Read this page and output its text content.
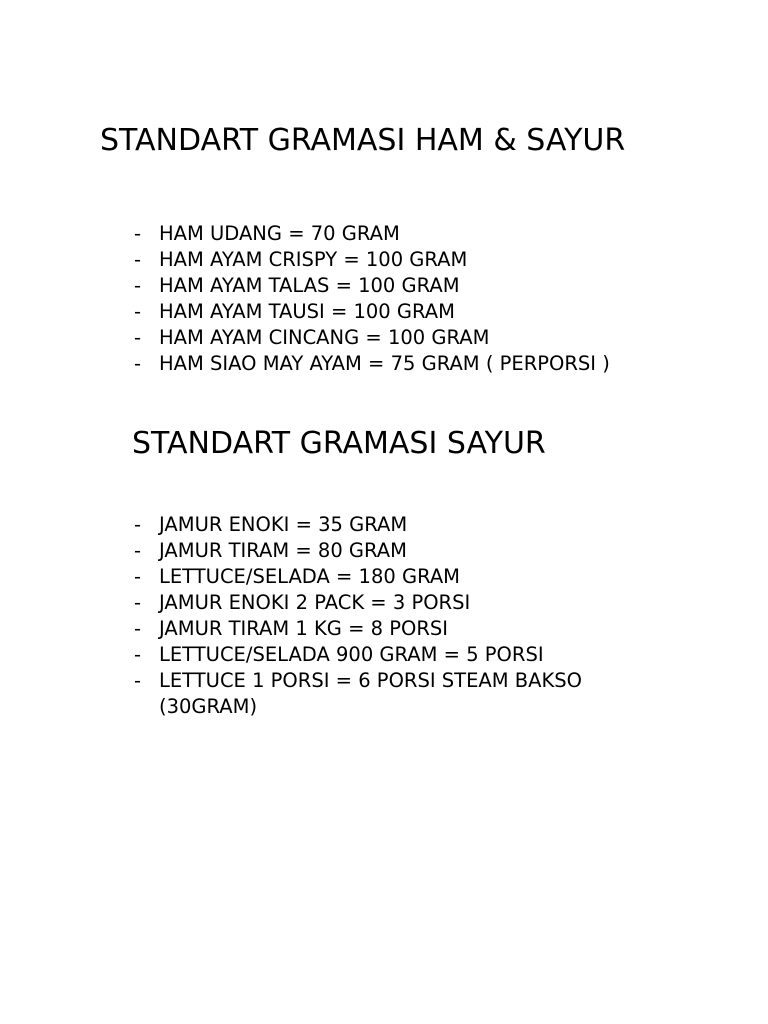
STANDART GRAMASI HAM & SAYUR
- HAM UDANG = 70 GRAM
- HAM AYAM CRISPY = 100 GRAM
- HAM AYAM TALAS = 100 GRAM
- HAM AYAM TAUSI = 100 GRAM
- HAM AYAM CINCANG = 100 GRAM
- HAM SIAO MAY AYAM = 75 GRAM ( PERPORSI )
STANDART GRAMASI SAYUR
- JAMUR ENOKI = 35 GRAM
- JAMUR TIRAM = 80 GRAM
- LETTUCE/SELADA = 180 GRAM
- JAMUR ENOKI 2 PACK = 3 PORSI
- JAMUR TIRAM 1 KG = 8 PORSI
- LETTUCE/SELADA 900 GRAM = 5 PORSI
- LETTUCE 1 PORSI = 6 PORSI STEAM BAKSO (30GRAM)
